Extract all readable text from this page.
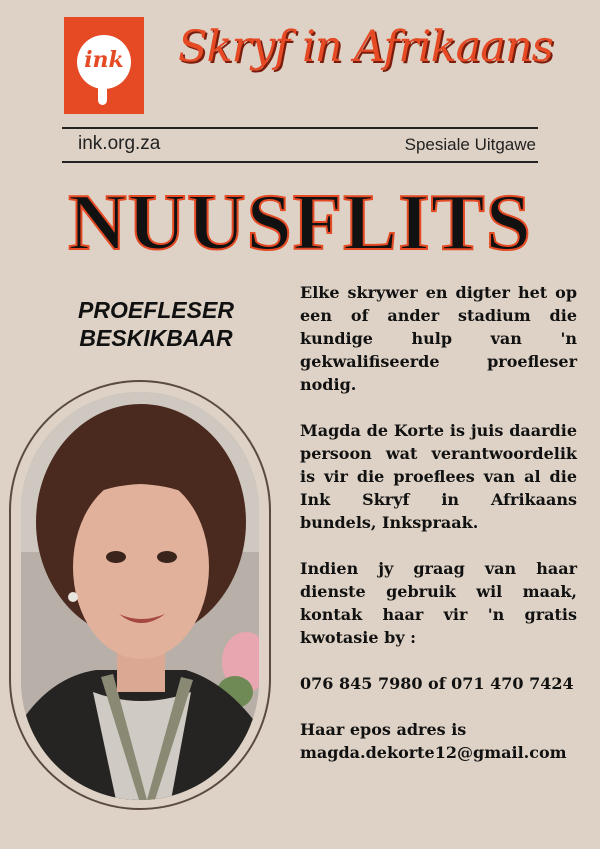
ink Skryf in Afrikaans
ink.org.za	Spesiale Uitgawe
NUUSFLITS
PROEFLESER
BESKIKBAAR

Elke skrywer en digter het op een of ander stadium die kundige hulp van 'n gekwalifiseerde proefleser nodig.

Magda de Korte is juis daardie persoon wat verantwoordelik is vir die proeflees van al die Ink Skryf in Afrikaans bundels, Inkspraak.

Indien jy graag van haar dienste gebruik wil maak, kontak haar vir 'n gratis kwotasie by :

076 845 7980 of 071 470 7424

Haar epos adres is

magda.dekorte12@gmail.com
